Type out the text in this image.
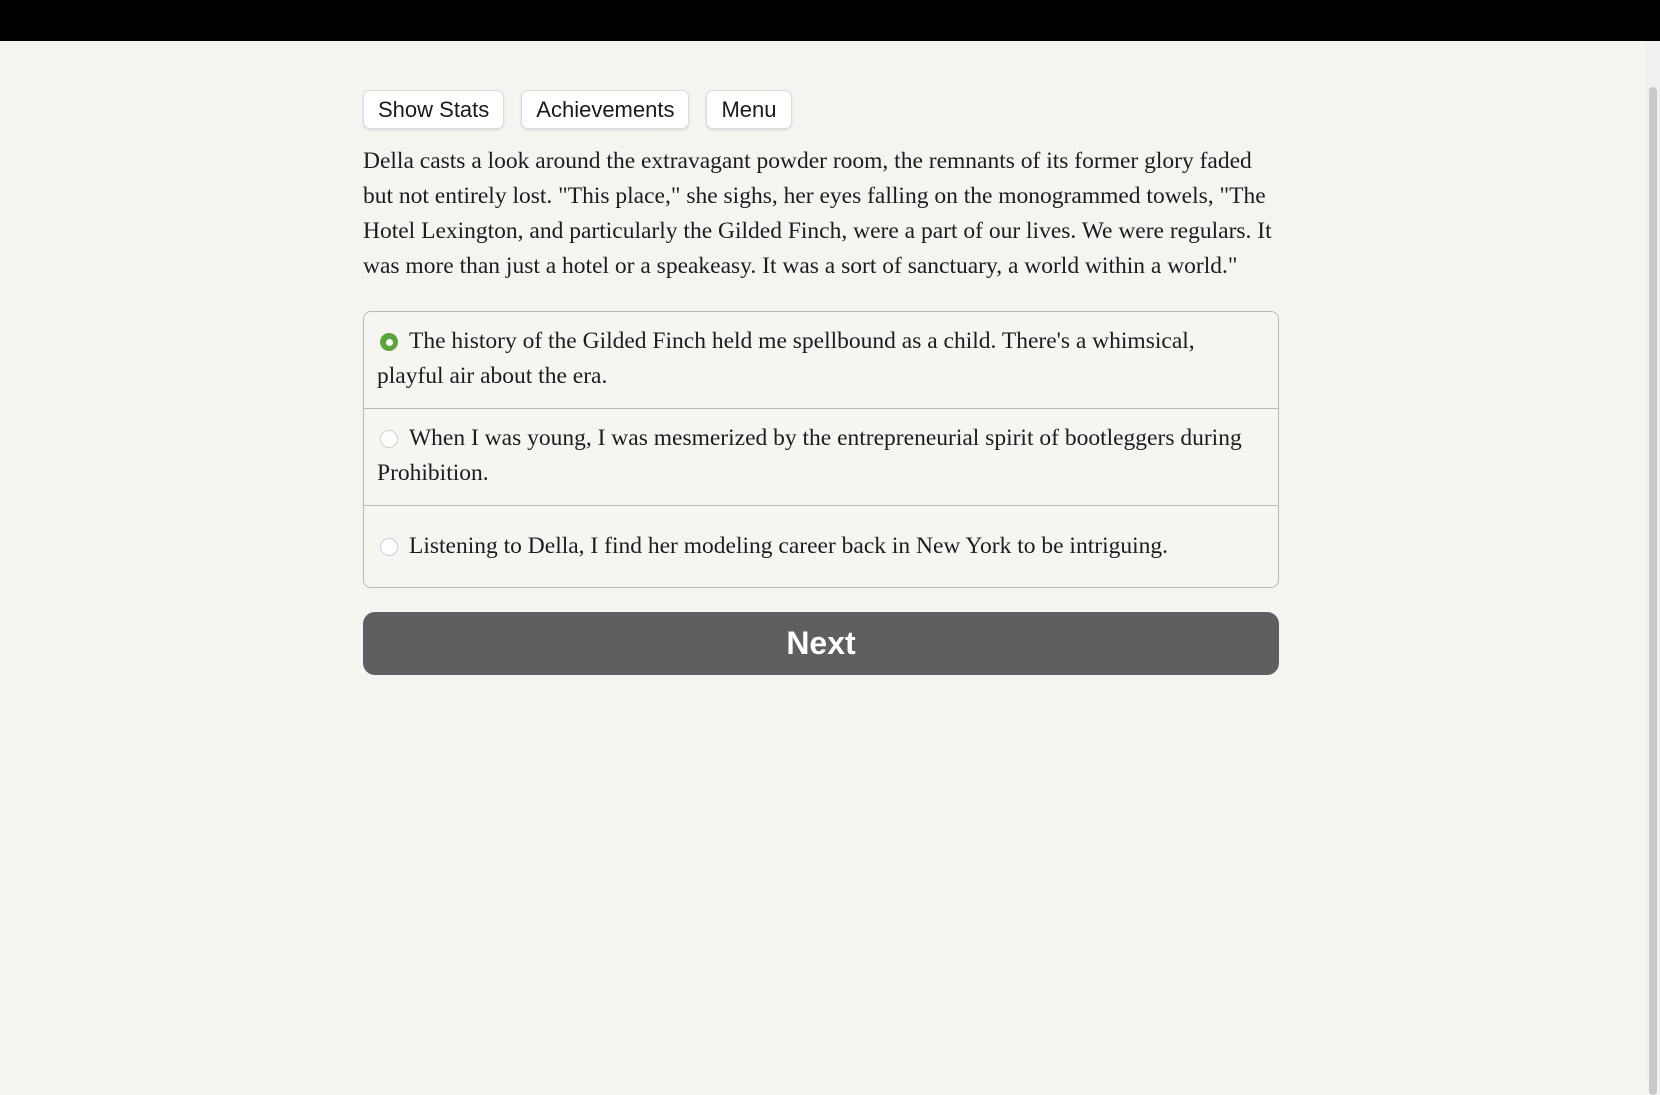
Show Stats	Achievements	Menu
Della casts a look around the extravagant powder room, the remnants of its former glory faded but not entirely lost. "This place," she sighs, her eyes falling on the monogrammed towels, "The Hotel Lexington, and particularly the Gilded Finch, were a part of our lives. We were regulars. It was more than just a hotel or a speakeasy. It was a sort of sanctuary, a world within a world."
The history of the Gilded Finch held me spellbound as a child. There's a whimsical, playful air about the era.
When I was young, I was mesmerized by the entrepreneurial spirit of bootleggers during Prohibition.
Listening to Della, I find her modeling career back in New York to be intriguing.
Next
